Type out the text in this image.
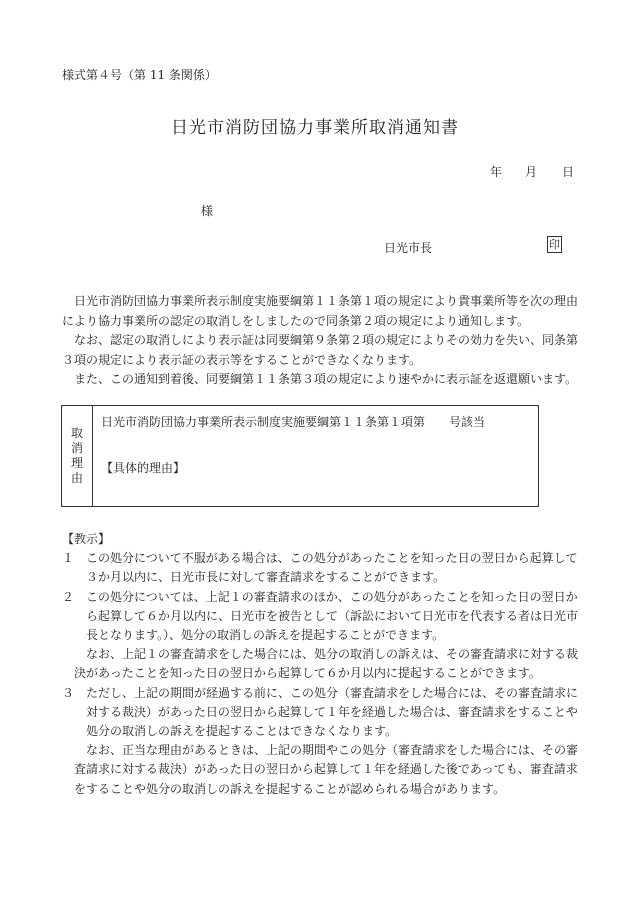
様式第４号（第 11 条関係）
日光市消防団協力事業所取消通知書
年 月 日
様
日光市長	印

日光市消防団協力事業所表示制度実施要綱第１１条第１項の規定により貴事業所等を次の理由により協力事業所の認定の取消しをしましたので同条第２項の規定により通知します。

なお、認定の取消しにより表示証は同要綱第９条第２項の規定によりその効力を失い、同条第３項の規定により表示証の表示等をすることができなくなります。

また、この通知到着後、同要綱第１１条第３項の規定により速やかに表示証を返還願います。

取
消
理
由
日光市消防団協力事業所表示制度実施要綱第１１条第１項第　　号該当
【具体的理由】

【教示】

１　この処分について不服がある場合は、この処分があったことを知った日の翌日から起算して３か月以内に、日光市長に対して審査請求をすることができます。

２　この処分については、上記１の審査請求のほか、この処分があったことを知った日の翌日から起算して６か月以内に、日光市を被告として（訴訟において日光市を代表する者は日光市長となります。）、処分の取消しの訴えを提起することができます。

なお、上記１の審査請求をした場合には、処分の取消しの訴えは、その審査請求に対する裁決があったことを知った日の翌日から起算して６か月以内に提起することができます。

３　ただし、上記の期間が経過する前に、この処分（審査請求をした場合には、その審査請求に対する裁決）があった日の翌日から起算して１年を経過した場合は、審査請求をすることや処分の取消しの訴えを提起することはできなくなります。

なお、正当な理由があるときは、上記の期間やこの処分（審査請求をした場合には、その審査請求に対する裁決）があった日の翌日から起算して１年を経過した後であっても、審査請求をすることや処分の取消しの訴えを提起することが認められる場合があります。
